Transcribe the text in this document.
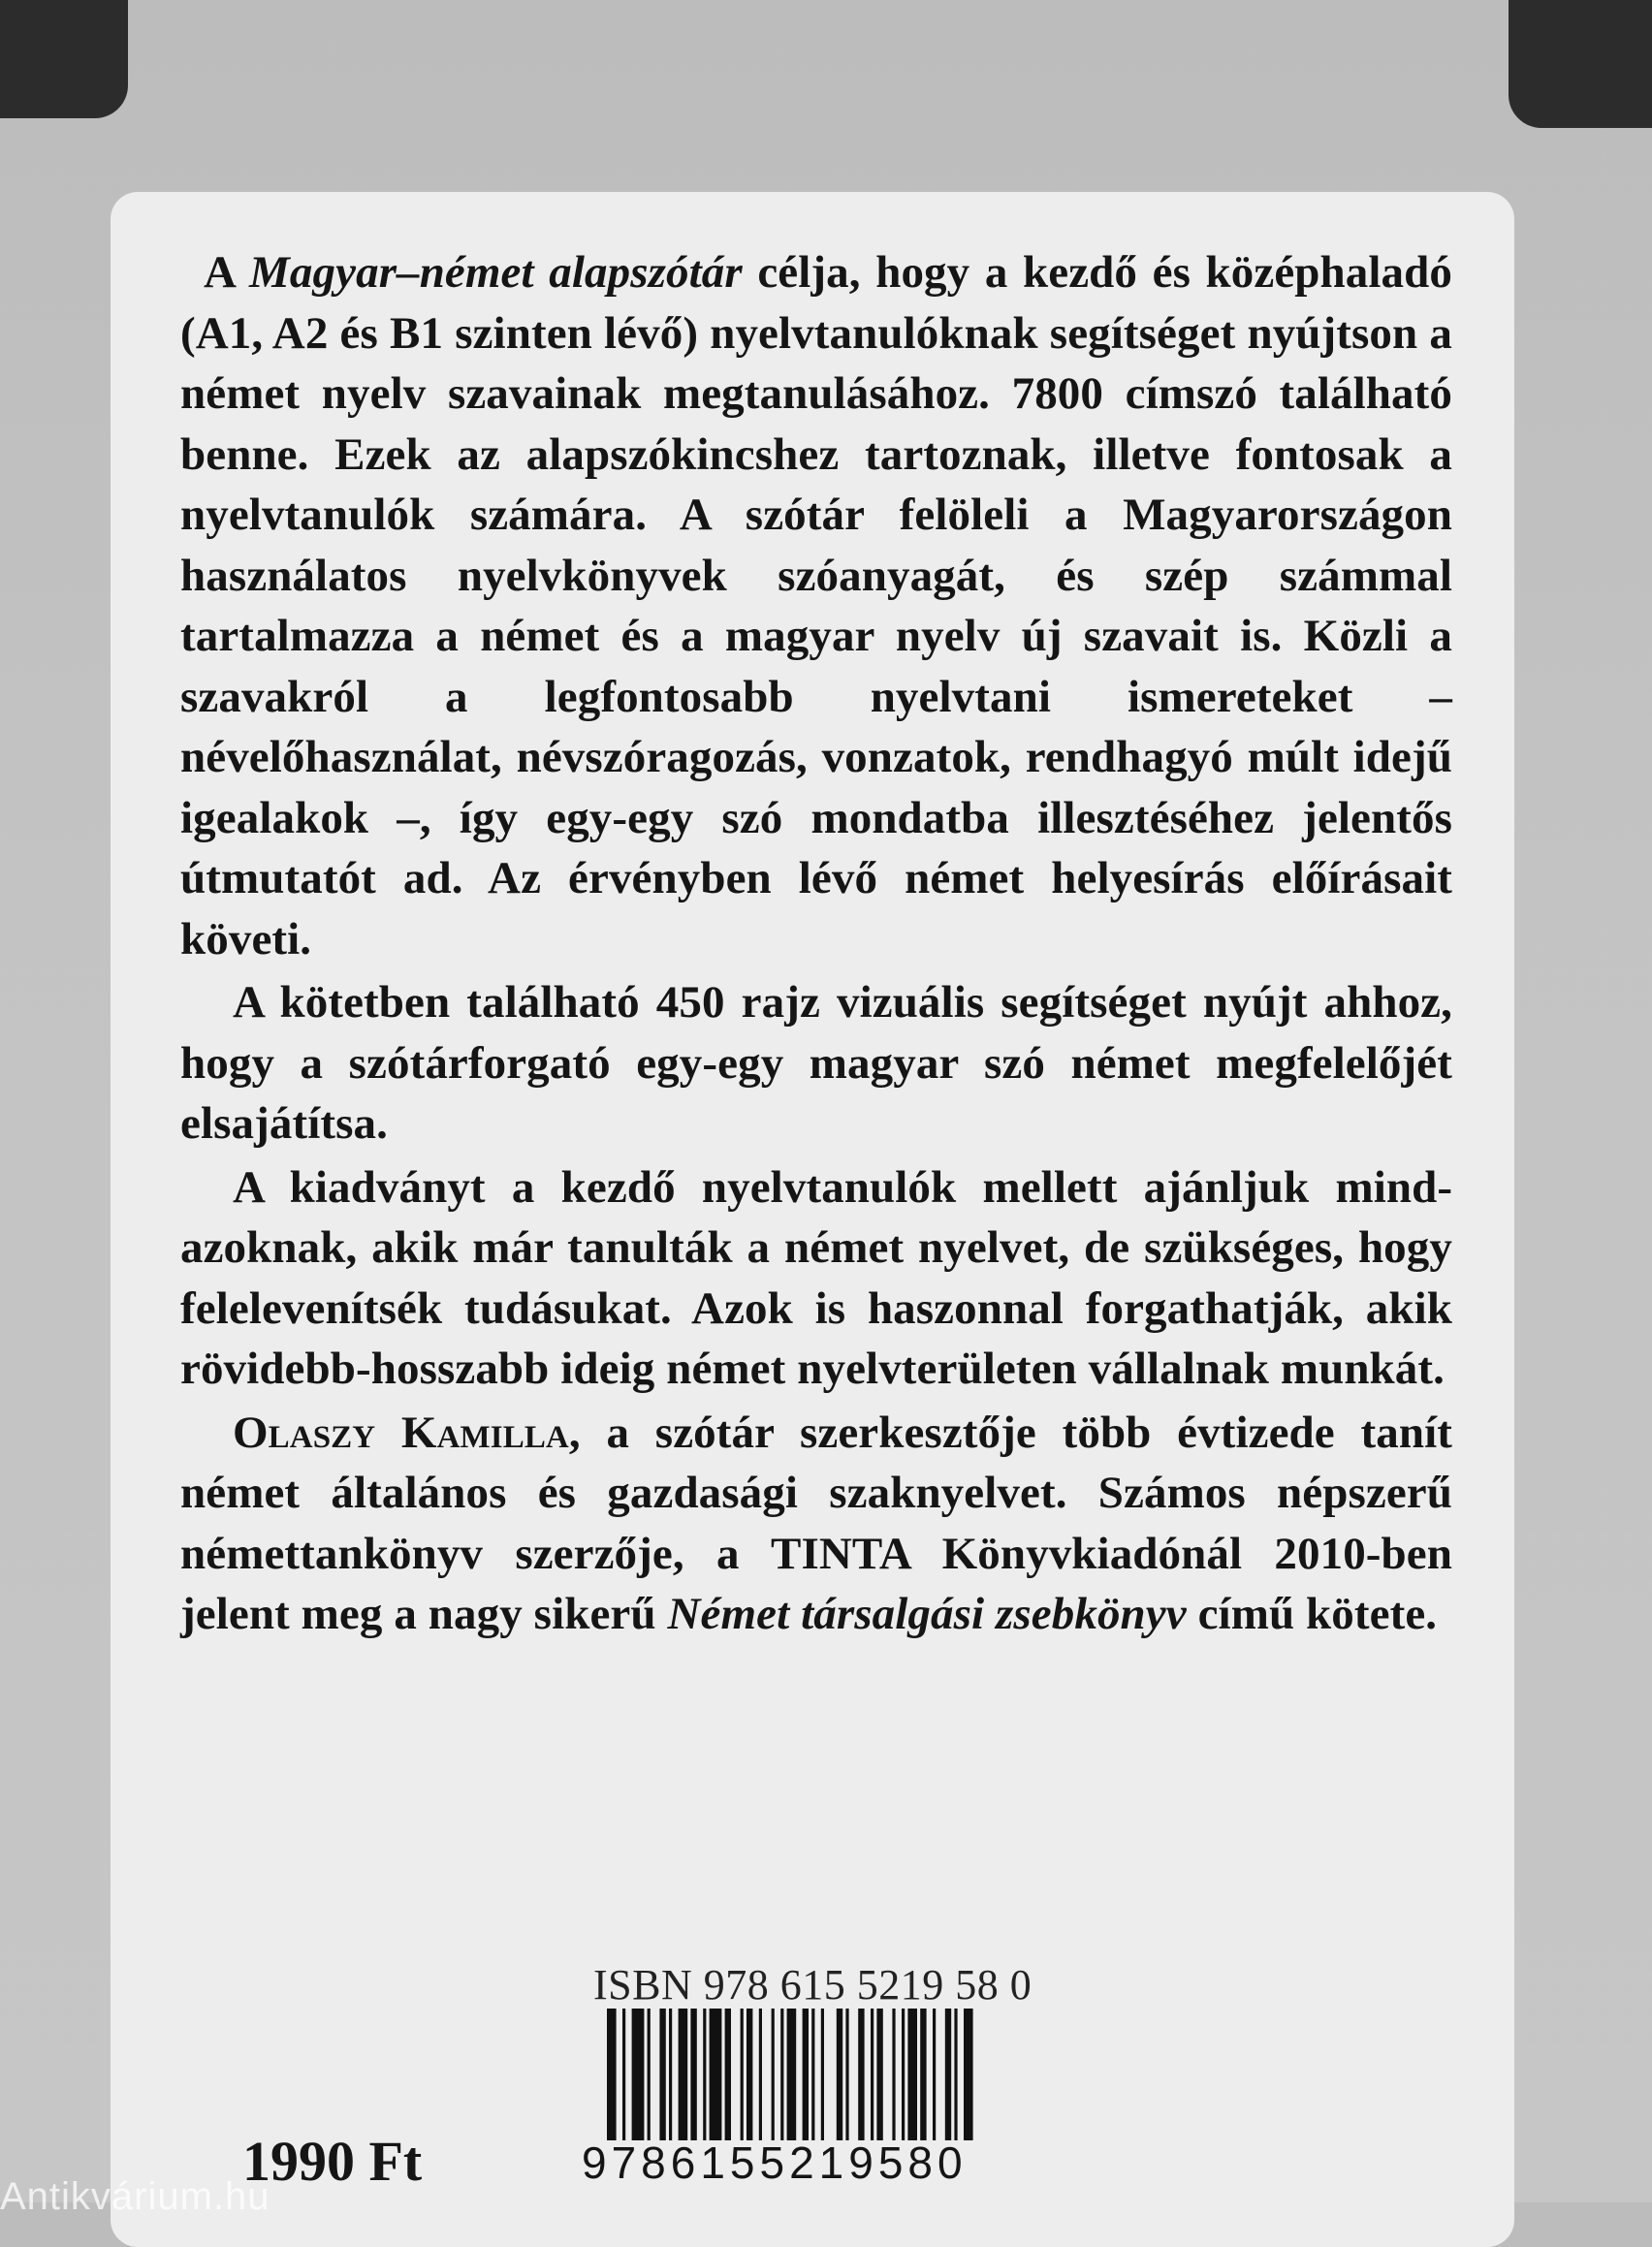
A Magyar–német alapszótár célja, hogy a kezdő és középhaladó (A1, A2 és B1 szinten lévő) nyelvtanulóknak segítséget nyújtson a német nyelv szavainak megtanulásához. 7800 címszó található benne. Ezek az alapszókincshez tartoznak, illetve fontosak a nyelvtanulók számára. A szótár felöleli a Magyarországon használatos nyelvkönyvek szóanyagát, és szép számmal tartalmazza a német és a magyar nyelv új szavait is. Közli a szavakról a legfontosabb nyelvtani ismereteket – névelőhasználat, névszóragozás, vonzatok, rendhagyó múlt idejű igealakok –, így egy-egy szó mondatba illesztéséhez jelentős útmutatót ad. Az érvényben lévő német helyesírás előírásait követi.

A kötetben található 450 rajz vizuális segítséget nyújt ahhoz, hogy a szótárforgató egy-egy magyar szó német megfelelőjét elsajátítsa.

A kiadványt a kezdő nyelvtanulók mellett ajánljuk mindazoknak, akik már tanulták a német nyelvet, de szükséges, hogy felelevenítsék tudásukat. Azok is haszonnal forgathatják, akik rövidebb-hosszabb ideig német nyelvterületen vállalnak munkát.

Olaszy Kamilla, a szótár szerkesztője több évtizede tanít német általános és gazdasági szaknyelvet. Számos népszerű némettankönyv szerzője, a TINTA Könyvkiadónál 2010-ben jelent meg a nagy sikerű Német társalgási zsebkönyv című kötete.

ISBN 978 615 5219 58 0
9786155219580
1990 Ft
Antikvárium.hu
